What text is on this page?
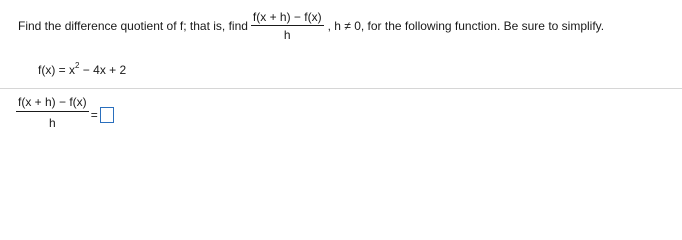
Find the difference quotient of f; that is, find $\frac{f(x + h) - f(x)}{h}$ , h ≠ 0, for the following function. Be sure to simplify.
$f(x) = x^2 - 4x + 2$
$\frac{f(x + h) - f(x)}{h}$ =
